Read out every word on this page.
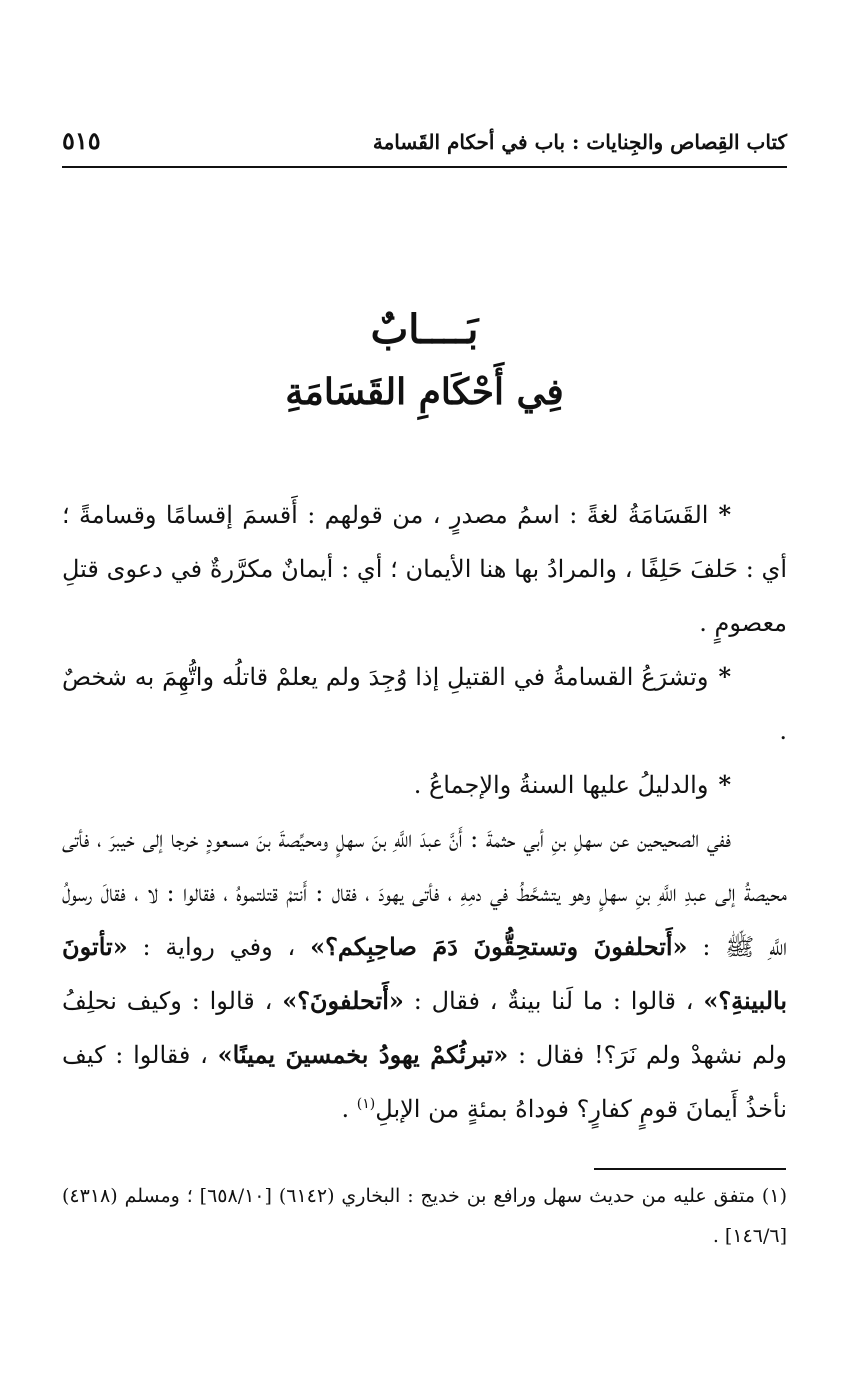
كتاب القِصاص والجِنايات : باب في أحكام القَسامة
٥١٥
بَــــابٌ
فِي أَحْكَامِ القَسَامَةِ

*القَسَامَةُ لغةً : اسمُ مصدرٍ ، من قولهم : أَقسمَ إقسامًا وقسامةً ؛ أي : حَلفَ حَلِفًا ، والمرادُ بها هنا الأيمان ؛ أي : أيمانٌ مكرَّرةٌ في دعوى قتلِ معصومٍ .

*وتشرَعُ القسامةُ في القتيلِ إذا وُجِدَ ولم يعلمْ قاتلُه واتُّهِمَ به شخصٌ .

*والدليلُ عليها السنةُ والإجماعُ .

ففي الصحيحين عن سهلِ بنِ أبي حثمةَ : أَنَّ عبدَ اللَّهِ بنَ سهلٍ ومحيِّصةَ بنَ مسعودٍ خرجا إلى خيبرَ ، فأتى محيصةُ إلى عبدِ اللَّهِ بنِ سهلٍ وهو يتشحَّطُ في دمِهِ ، فأتى يهودَ ، فقال : أَنتمْ قتلتموهُ ، فقالوا : لا ، فقالَ رسولُ اللَّهِ ﷺ : «أَتحلفونَ وتستحِقُّونَ دَمَ صاحِبِكم؟» ، وفي رواية : «تأتونَ بالبينةِ؟» ، قالوا : ما لَنا بينةٌ ، فقال : «أَتحلفونَ؟» ، قالوا : وكيف نحلِفُ ولم نشهدْ ولم نَرَ؟! فقال : «تبرئُكمْ يهودُ بخمسينَ يمينًا» ، فقالوا : كيف نأخذُ أَيمانَ قومٍ كفارٍ؟ فوداهُ بمئةٍ من الإبلِ$^{(١)}$ .

(١) متفق عليه من حديث سهل ورافع بن خديج : البخاري (٦١٤٢) [٦٥٨/١٠] ؛ ومسلم (٤٣١٨) [١٤٦/٦] .
